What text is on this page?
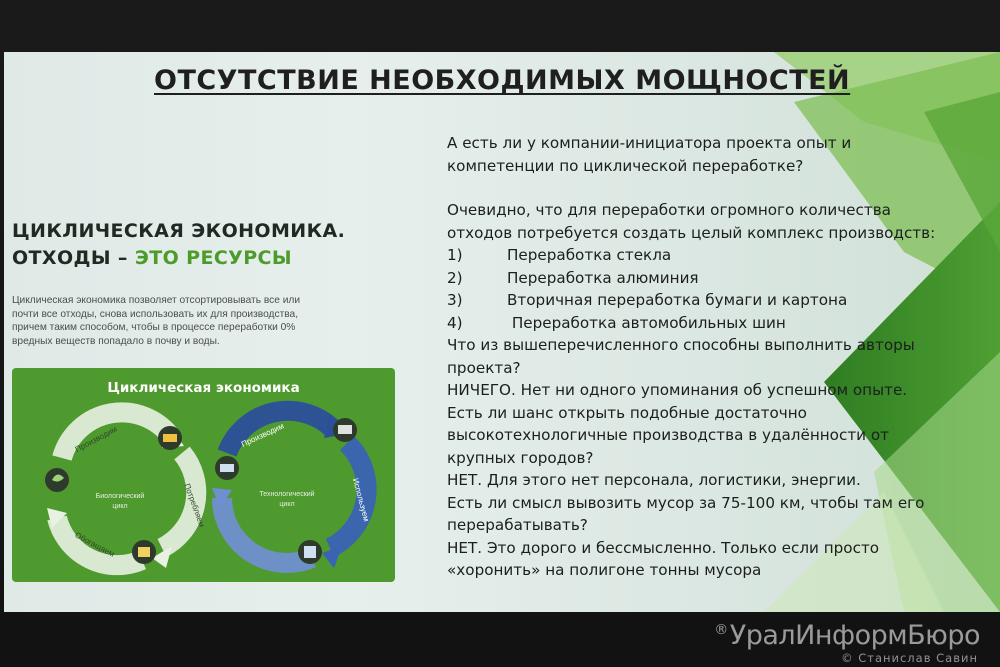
ОТСУТСТВИЕ НЕОБХОДИМЫХ МОЩНОСТЕЙ
ЦИКЛИЧЕСКАЯ ЭКОНОМИКА.
ОТХОДЫ – ЭТО РЕСУРСЫ
Циклическая экономика позволяет отсортировывать все или
почти все отходы, снова использовать их для производства,
причем таким способом, чтобы в процессе переработки 0%
вредных веществ попадало в почву и воды.
Производим
Потребляем
Обогащаем
Биологический
цикл
Производим
Используем
Технологический
цикл
Циклическая экономика
А есть ли у компании-инициатора проекта опыт и
компетенции по циклической переработке?
Очевидно, что для переработки огромного количества
отходов потребуется создать целый комплекс производств:
1)	Переработка стекла
2)	Переработка алюминия
3)	Вторичная переработка бумаги и картона
4)	Переработка автомобильных шин
Что из вышеперечисленного способны выполнить авторы
проекта?
НИЧЕГО. Нет ни одного упоминания об успешном опыте.
Есть ли шанс открыть подобные достаточно
высокотехнологичные производства в удалённости от
крупных городов?
НЕТ. Для этого нет персонала, логистики, энергии.
Есть ли смысл вывозить мусор за 75-100 км, чтобы там его
перерабатывать?
НЕТ. Это дорого и бессмысленно. Только если просто
«хоронить» на полигоне тонны мусора
®УралИнформБюро
© Станислав Савин
